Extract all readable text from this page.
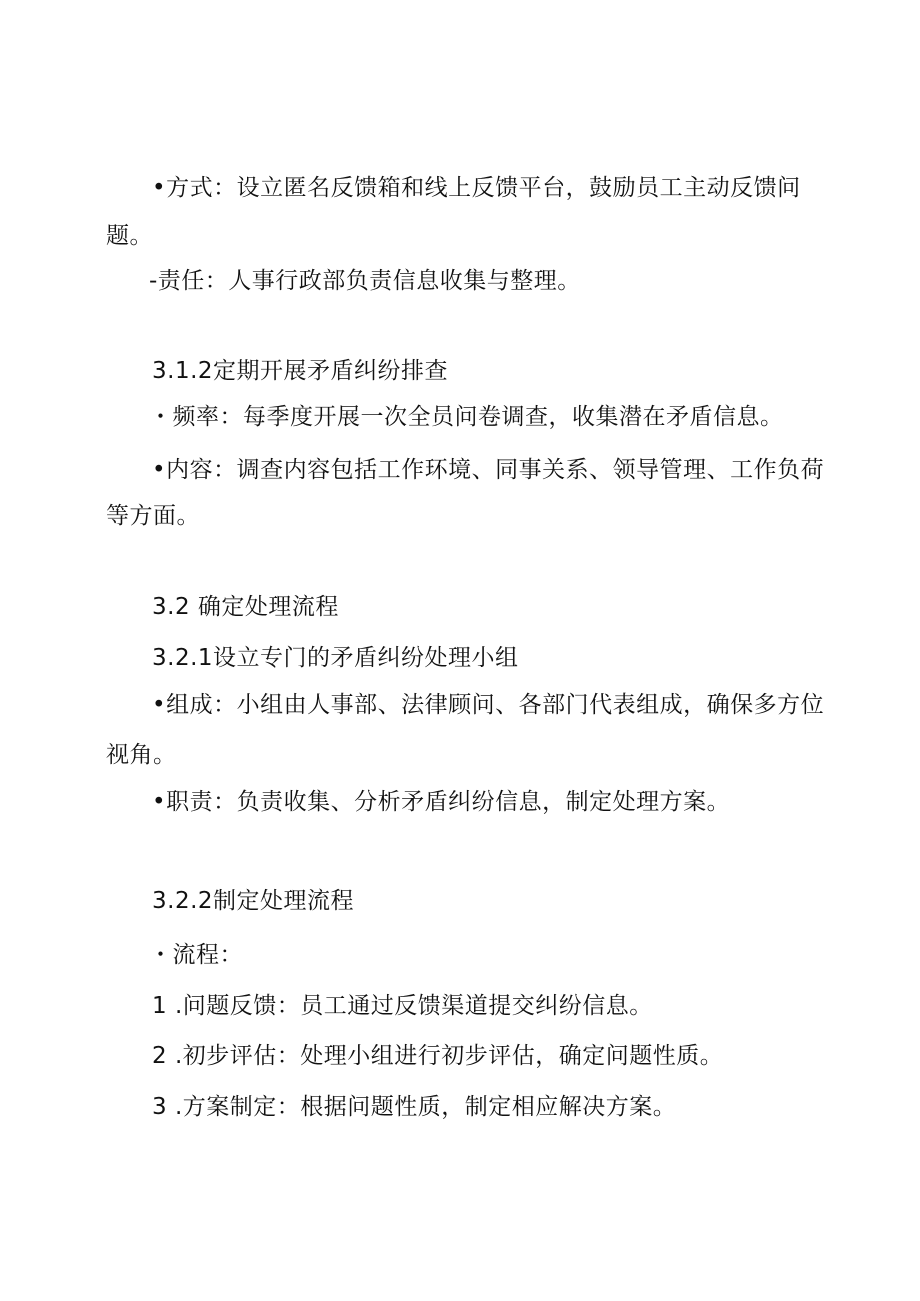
•方式：设立匿名反馈箱和线上反馈平台，鼓励员工主动反馈问
题。
-责任：人事行政部负责信息收集与整理。
3.1.2定期开展矛盾纠纷排查
・频率：每季度开展一次全员问卷调查，收集潜在矛盾信息。
•内容：调查内容包括工作环境、同事关系、领导管理、工作负荷
等方面。
3.2 确定处理流程
3.2.1设立专门的矛盾纠纷处理小组
•组成：小组由人事部、法律顾问、各部门代表组成，确保多方位
视角。
•职责：负责收集、分析矛盾纠纷信息，制定处理方案。
3.2.2制定处理流程
・流程：
1 .问题反馈：员工通过反馈渠道提交纠纷信息。
2 .初步评估：处理小组进行初步评估，确定问题性质。
3 .方案制定：根据问题性质，制定相应解决方案。
